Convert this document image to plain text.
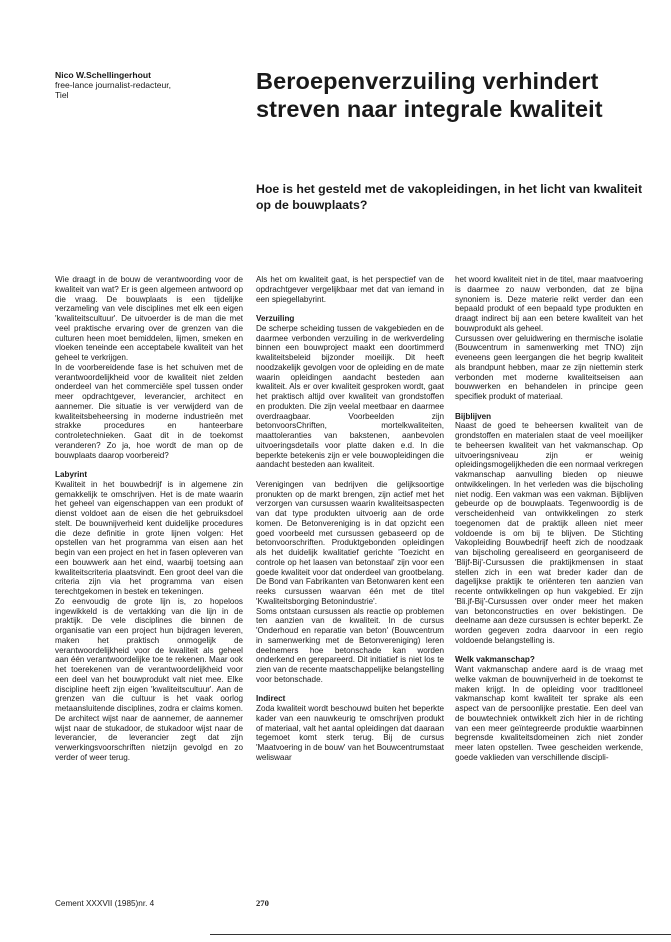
Nico W.Schellingerhout
free-lance journalist-redacteur,
Tiel
Beroepenverzuiling verhindert streven naar integrale kwaliteit
Hoe is het gesteld met de vakopleidingen, in het licht van kwaliteit op de bouwplaats?

Wie draagt in de bouw de verantwoording voor de kwaliteit van wat? Er is geen algemeen antwoord op die vraag. De bouwplaats is een tijdelijke verzameling van vele disciplines met elk een eigen 'kwaliteitscultuur'. De uitvoerder is de man die met veel praktische ervaring over de grenzen van die culturen heen moet bemiddelen, lijmen, smeken en vloeken teneinde een acceptabele kwaliteit van het geheel te verkrijgen.

In de voorbereidende fase is het schuiven met de verantwoordelijkheid voor de kwaliteit niet zelden onderdeel van het commerciële spel tussen onder meer opdrachtgever, leverancier, architect en aannemer. Die situatie is ver verwijderd van de kwaliteitsbeheersing in moderne industrieën met strakke procedures en hanteerbare controletechnieken. Gaat dit in de toekomst veranderen? Zo ja, hoe wordt de man op de bouwplaats daarop voorbereid?

Labyrint

Kwaliteit in het bouwbedrijf is in algemene zin gemakkelijk te omschrijven. Het is de mate waarin het geheel van eigenschappen van een produkt of dienst voldoet aan de eisen die het gebruiksdoel stelt. De bouwnijverheid kent duidelijke procedures die deze definitie in grote lijnen volgen: Het opstellen van het programma van eisen aan het begin van een project en het in fasen opleveren van een bouwwerk aan het eind, waarbij toetsing aan kwaliteitscriteria plaatsvindt. Een groot deel van die criteria zijn via het programma van eisen terechtgekomen in bestek en tekeningen.

Zo eenvoudig de grote lijn is, zo hopeloos ingewikkeld is de vertakking van die lijn in de praktijk. De vele disciplines die binnen de organisatie van een project hun bijdragen leveren, maken het praktisch onmogelijk de verantwoordelijkheid voor de kwaliteit als geheel aan één verantwoordelijke toe te rekenen. Maar ook het toerekenen van de verantwoordelijkheid voor een deel van het bouwprodukt valt niet mee. Elke discipline heeft zijn eigen 'kwaliteitscultuur'. Aan de grenzen van die cultuur is het vaak oorlog metaansluitende disciplines, zodra er claims komen. De architect wijst naar de aannemer, de aannemer wijst naar de stukadoor, de stukadoor wijst naar de leverancier, de leverancier zegt dat zijn verwerkingsvoorschriften nietzijn gevolgd en zo verder of weer terug.

Als het om kwaliteit gaat, is het perspectief van de opdrachtgever vergelijkbaar met dat van iemand in een spiegellabyrint.

Verzuiling

De scherpe scheiding tussen de vakgebieden en de daarmee verbonden verzuiling in de werkverdeling binnen een bouwproject maakt een doortimmerd kwaliteitsbeleid bijzonder moeilijk. Dit heeft noodzakelijk gevolgen voor de opleiding en de mate waarin opleidingen aandacht besteden aan kwaliteit. Als er over kwaliteit gesproken wordt, gaat het praktisch altijd over kwaliteit van grondstoffen en produkten. Die zijn veelal meetbaar en daarmee overdraagbaar. Voorbeelden zijn betonvoorsChriften, mortelkwaliteiten, maattoleranties van bakstenen, aanbevolen uitvoeringsdetails voor platte daken e.d. In die beperkte betekenis zijn er vele bouwopleidingen die aandacht besteden aan kwaliteit.

Verenigingen van bedrijven die gelijksoortige pronukten op de markt brengen, zijn actief met het verzorgen van cursussen waarin kwaliteitsaspecten van dat type produkten uitvoerig aan de orde komen. De Betonvereniging is in dat opzicht een goed voorbeeld met cursussen gebaseerd op de betonvoorschriften. Produktgebonden opleidingen als het duidelijk kwalitatief gerichte 'Toezicht en controle op het laasen van betonstaal' zijn voor een goede kwaliteit voor dat onderdeel van grootbelang. De Bond van Fabrikanten van Betonwaren kent een reeks cursussen waarvan één met de titel 'Kwaliteitsborging Betonindustrie'.

Soms ontstaan cursussen als reactie op problemen ten aanzien van de kwaliteit. In de cursus 'Onderhoud en reparatie van beton' (Bouwcentrum in samenwerking met de Betonvereniging) leren deelnemers hoe betonschade kan worden onderkend en gerepareerd. Dit initiatief is niet los te zien van de recente maatschappelijke belangstelling voor betonschade.

Indirect

Zoda kwaliteit wordt beschouwd buiten het beperkte kader van een nauwkeurig te omschrijven produkt of materiaal, valt het aantal opleidingen dat daaraan tegemoet komt sterk terug. Bij de cursus 'Maatvoering in de bouw' van het Bouwcentrumstaat weliswaar

het woord kwaliteit niet in de titel, maar maatvoering is daarmee zo nauw verbonden, dat ze bijna synoniem is. Deze materie reikt verder dan een bepaald produkt of een bepaald type produkten en draagt indirect bij aan een betere kwaliteit van het bouwprodukt als geheel.

Cursussen over geluidwering en thermische isolatie (Bouwcentrum in samenwerking met TNO) zijn eveneens geen leergangen die het begrip kwaliteit als brandpunt hebben, maar ze zijn niettemin sterk verbonden met moderne kwaliteitseisen aan bouwwerken en behandelen in principe geen specifiek produkt of materiaal.

Bijblijven

Naast de goed te beheersen kwaliteit van de grondstoffen en materialen staat de veel moeilijker te beheersen kwaliteit van het vakmanschap. Op uitvoeringsniveau zijn er weinig opleidingsmogelijkheden die een normaal verkregen vakmanschap aanvulling bieden op nieuwe ontwikkelingen. In het verleden was die bijscholing niet nodig. Een vakman was een vakman. Bijblijven gebeurde op de bouwplaats. Tegenwoordig is de verscheidenheid van ontwikkelingen zo sterk toegenomen dat de praktijk alleen niet meer voldoende is om bij te blijven. De Stichting Vakopleiding Bouwbedrijf heeft zich de noodzaak van bijscholing gerealiseerd en georganiseerd de 'Blijf-Bij'-Cursussen die praktijkmensen in staat stellen zich in een wat breder kader dan de dagelijkse praktijk te oriënteren ten aanzien van recente ontwikkelingen op hun vakgebied. Er zijn 'Bli.jf-Bij'-Cursussen over onder meer het maken van betonconstructies en over bekistingen. De deelname aan deze cursussen is echter beperkt. Ze worden gegeven zodra daarvoor in een regio voldoende belangstelling is.

Welk vakmanschap?

Want vakmanschap andere aard is de vraag met welke vakman de bouwnijverheid in de toekomst te maken krijgt. In de opleiding voor tradltloneel vakmanschap komt kwaliteit ter sprake als een aspect van de persoonlijke prestatie. Een deel van de bouwtechniek ontwikkelt zich hier in de richting van een meer geïntegreerde produktie waarbinnen begrensde kwaliteitsdomeinen zich niet zonder meer laten opstellen. Twee gescheiden werkende, goede vaklieden van verschillende discipli-

Cement XXXVII (1985)nr. 4	270
